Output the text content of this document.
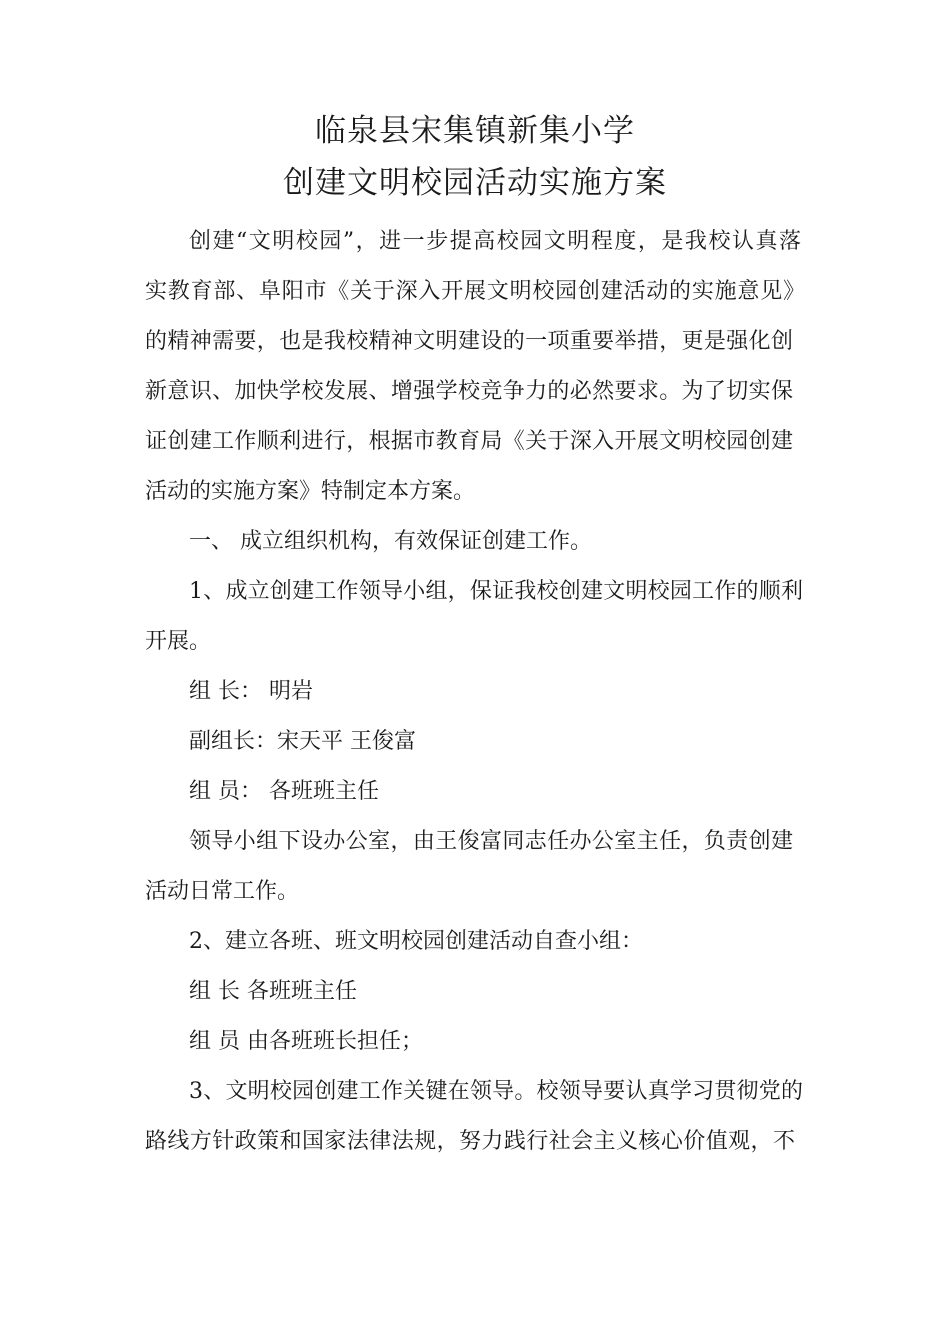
临泉县宋集镇新集小学
创建文明校园活动实施方案
创建“文明校园”，进一步提高校园文明程度，是我校认真落
实教育部、阜阳市《关于深入开展文明校园创建活动的实施意见》
的精神需要，也是我校精神文明建设的一项重要举措，更是强化创
新意识、加快学校发展、增强学校竞争力的必然要求。为了切实保
证创建工作顺利进行，根据市教育局《关于深入开展文明校园创建
活动的实施方案》特制定本方案。
一、 成立组织机构，有效保证创建工作。
1、成立创建工作领导小组，保证我校创建文明校园工作的顺利
开展。
组 长： 明岩
副组长：宋天平 王俊富
组 员： 各班班主任
领导小组下设办公室，由王俊富同志任办公室主任，负责创建
活动日常工作。
2、建立各班、班文明校园创建活动自查小组：
组 长 各班班主任
组 员 由各班班长担任；
3、文明校园创建工作关键在领导。校领导要认真学习贯彻党的
路线方针政策和国家法律法规，努力践行社会主义核心价值观，不
